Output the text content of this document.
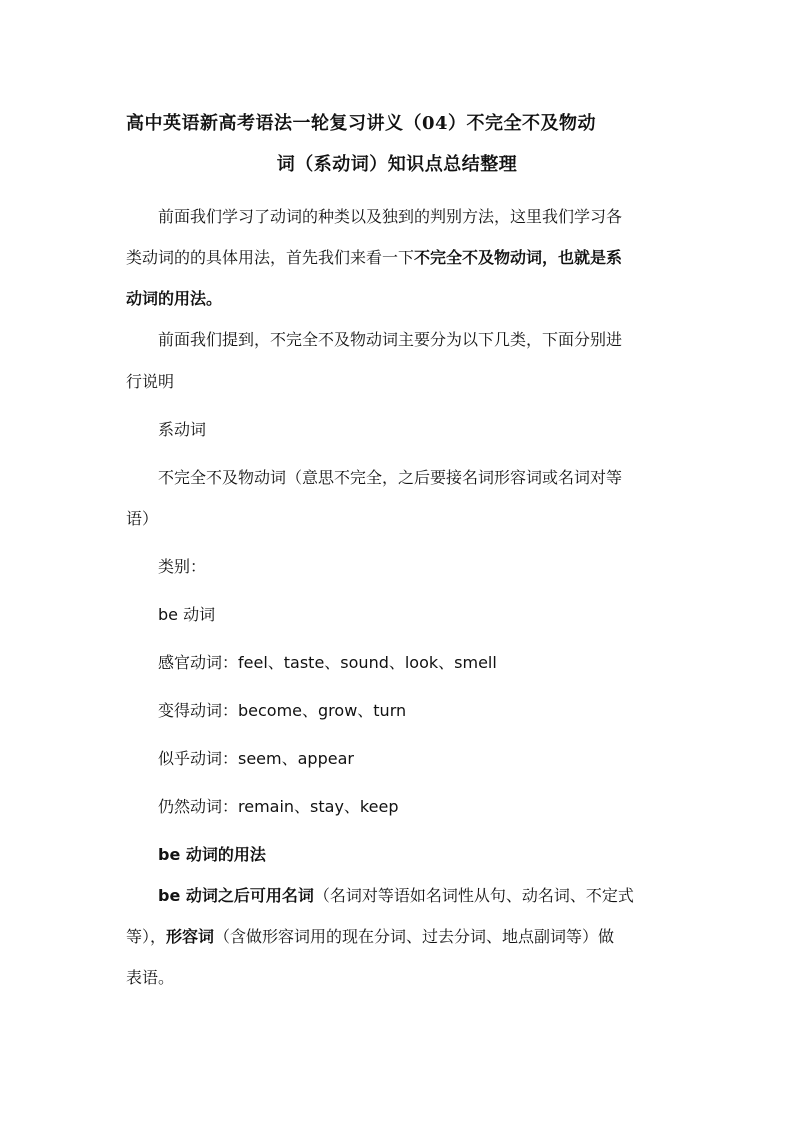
高中英语新高考语法一轮复习讲义（04）不完全不及物动
词（系动词）知识点总结整理
前面我们学习了动词的种类以及独到的判别方法，这里我们学习各
类动词的的具体用法，首先我们来看一下不完全不及物动词，也就是系
动词的用法。
前面我们提到，不完全不及物动词主要分为以下几类，下面分别进
行说明
系动词
不完全不及物动词（意思不完全，之后要接名词形容词或名词对等
语）
类别：
be 动词
感官动词：feel、taste、sound、look、smell
变得动词：become、grow、turn
似乎动词：seem、appear
仍然动词：remain、stay、keep
be 动词的用法
be 动词之后可用名词（名词对等语如名词性从句、动名词、不定式
等），形容词（含做形容词用的现在分词、过去分词、地点副词等）做
表语。
